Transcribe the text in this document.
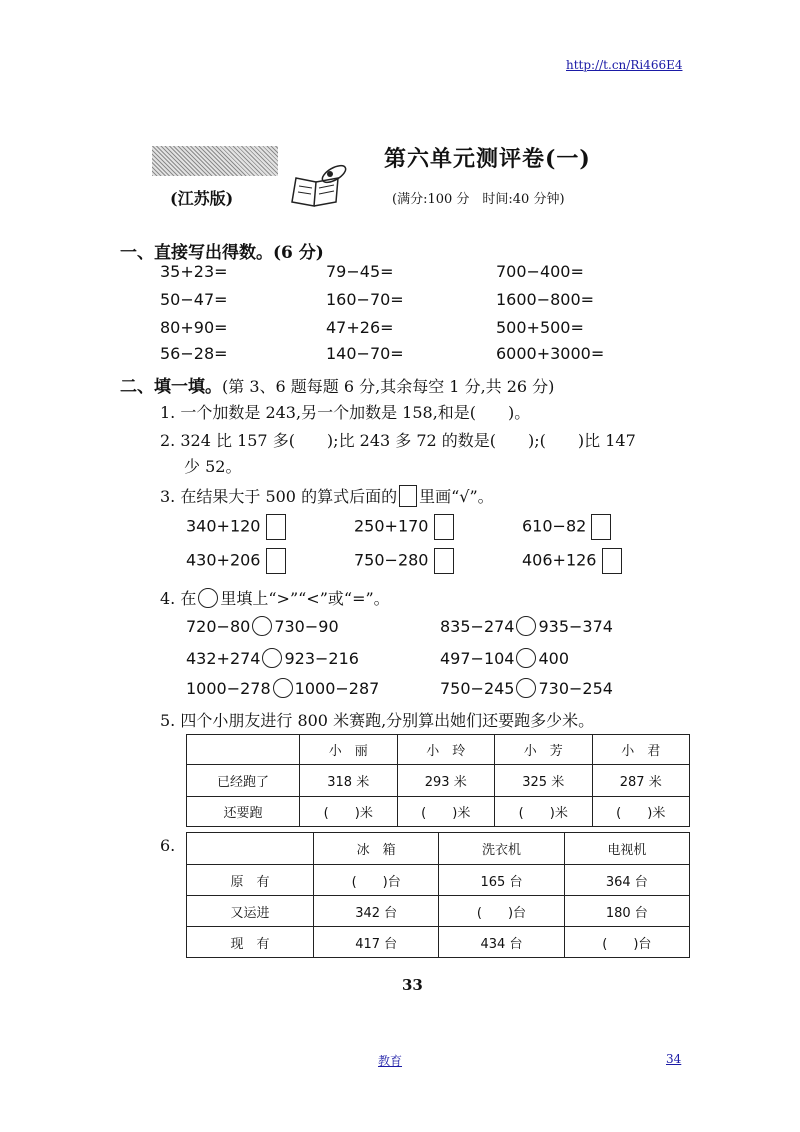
http://t.cn/Ri466E4
(江苏版)
第六单元测评卷(一)
(满分:100 分　时间:40 分钟)
一、直接写出得数。(6 分)
35+23=	79−45=	700−400=
50−47=	160−70=	1600−800=
80+90=	47+26=	500+500=
56−28=	140−70=	6000+3000=
二、填一填。(第 3、6 题每题 6 分,其余每空 1 分,共 26 分)
1. 一个加数是 243,另一个加数是 158,和是(　　)。
2. 324 比 157 多(　　);比 243 多 72 的数是(　　);(　　)比 147
少 52。
3. 在结果大于 500 的算式后面的 里画“√”。
340+120	250+170	610−82
430+206	750−280	406+126
4. 在 里填上“>”“<”或“=”。
720−80 730−90	835−274 935−374
432+274 923−216	497−104 400
1000−278 1000−287	750−245 730−254
5. 四个小朋友进行 800 米赛跑,分别算出她们还要跑多少米。
	小　丽	小　玲	小　芳	小　君
已经跑了	318 米	293 米	325 米	287 米
还要跑	(　　)米	(　　)米	(　　)米	(　　)米
6.
		冰　箱	洗衣机	电视机
原　有	(　　)台	165 台	364 台
又运进	342 台	(　　)台	180 台
现　有	417 台	434 台	(　　)台
33
教育	34
